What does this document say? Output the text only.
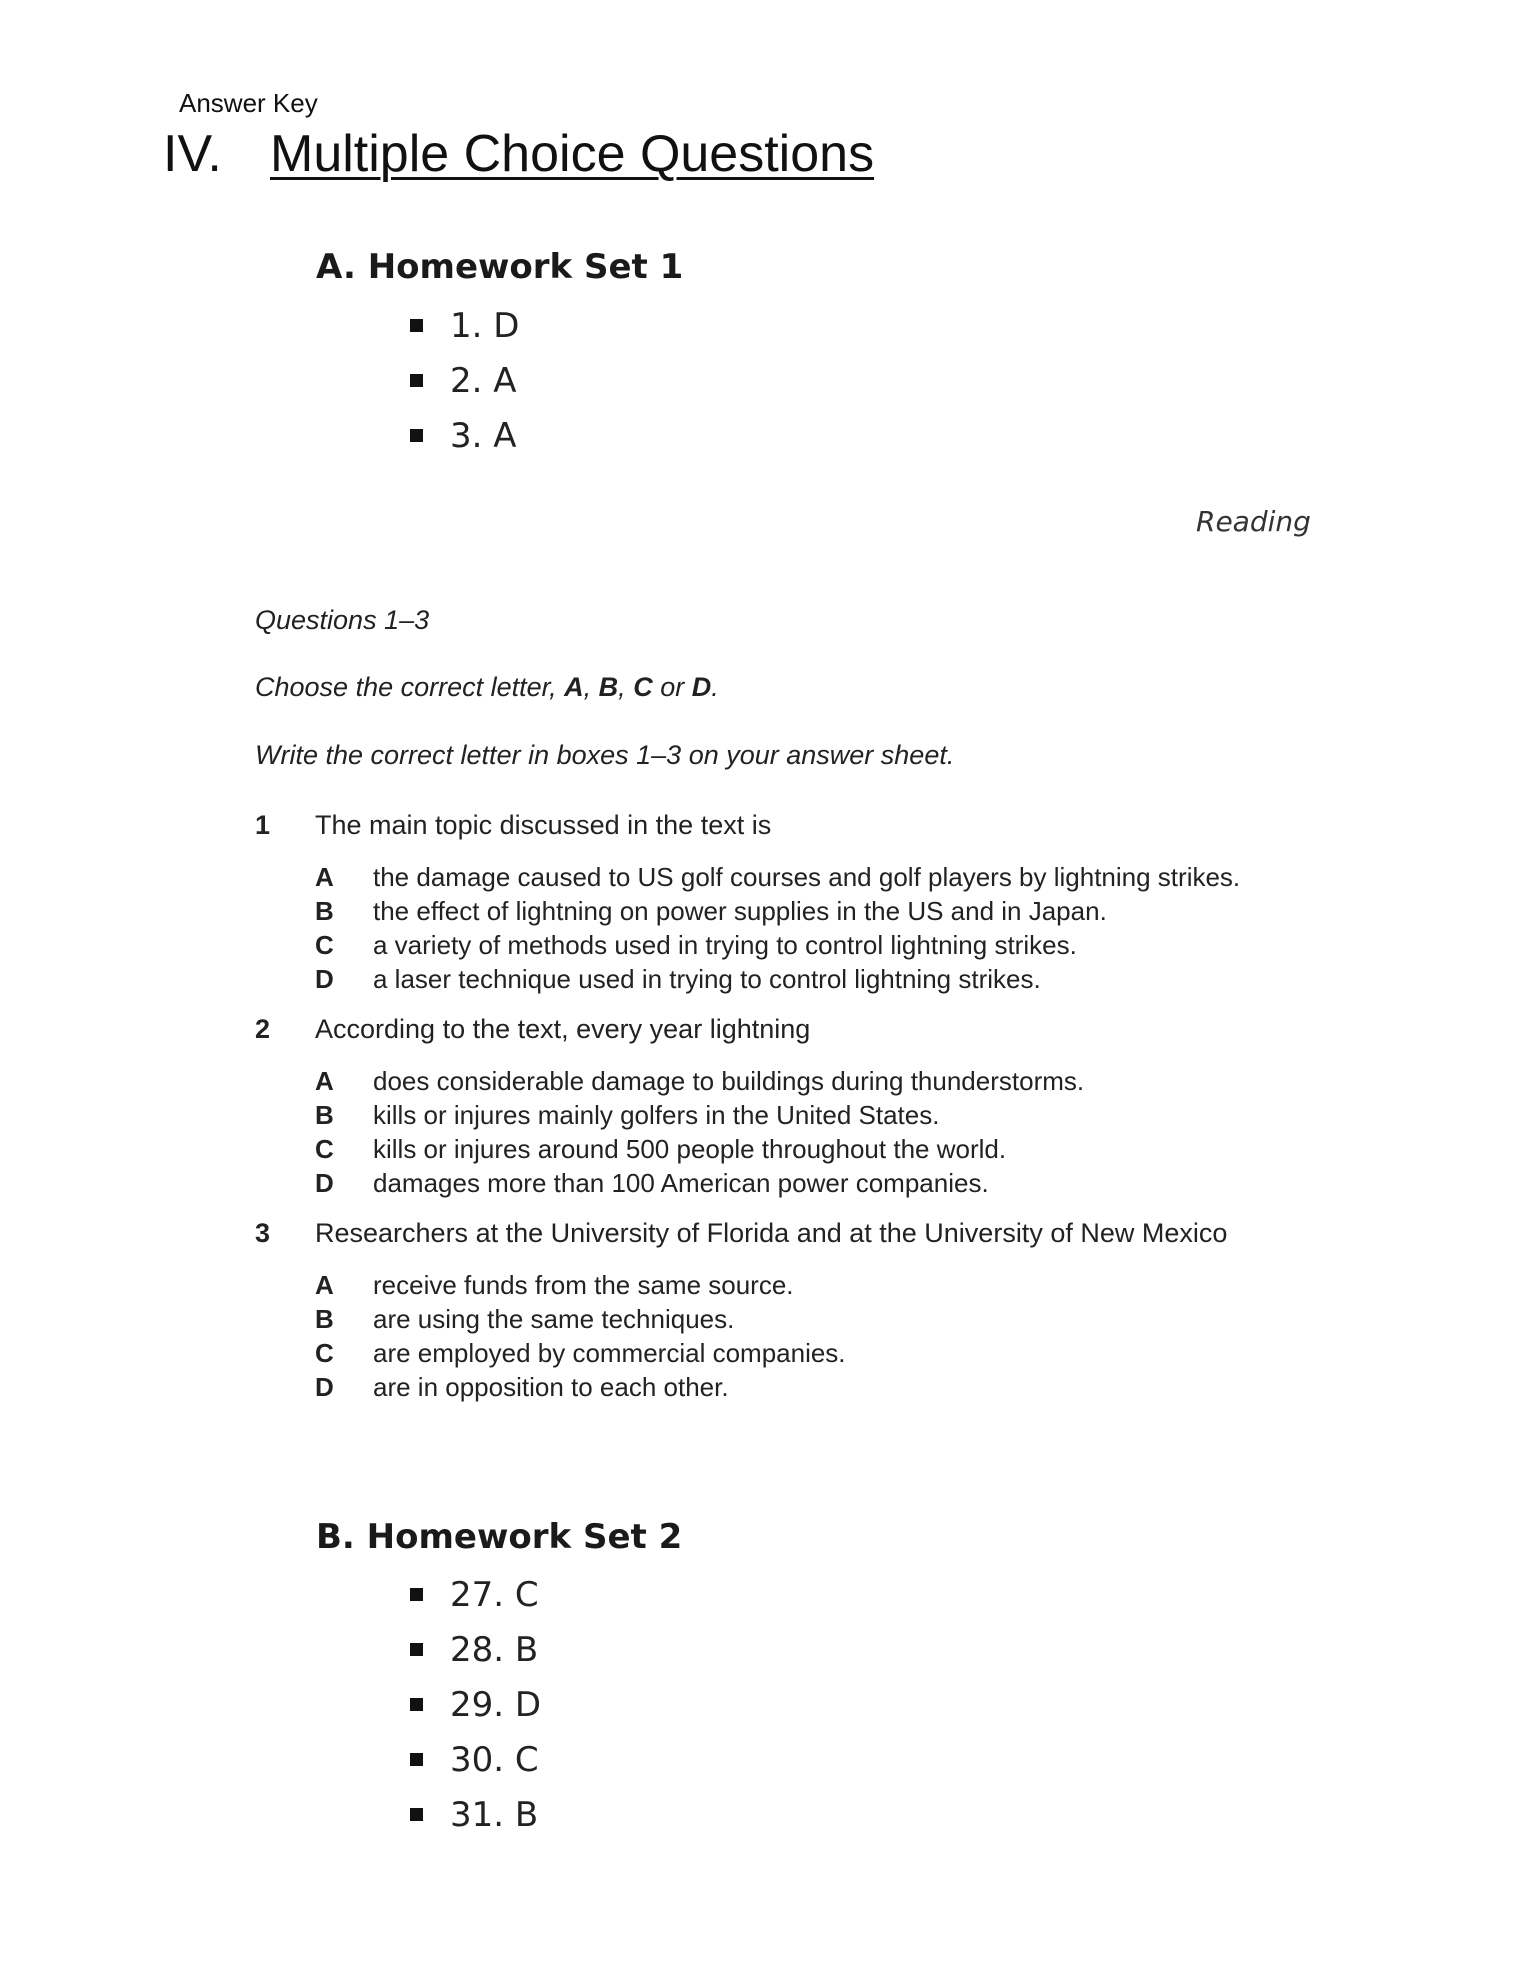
Answer Key
IV. Multiple Choice Questions
A. Homework Set 1
1. D
2. A
3. A
Reading
Questions 1–3
Choose the correct letter, A, B, C or D.
Write the correct letter in boxes 1–3 on your answer sheet.
1 The main topic discussed in the text is
A the damage caused to US golf courses and golf players by lightning strikes.
B the effect of lightning on power supplies in the US and in Japan.
C a variety of methods used in trying to control lightning strikes.
D a laser technique used in trying to control lightning strikes.
2 According to the text, every year lightning
A does considerable damage to buildings during thunderstorms.
B kills or injures mainly golfers in the United States.
C kills or injures around 500 people throughout the world.
D damages more than 100 American power companies.
3 Researchers at the University of Florida and at the University of New Mexico
A receive funds from the same source.
B are using the same techniques.
C are employed by commercial companies.
D are in opposition to each other.
B. Homework Set 2
27. C
28. B
29. D
30. C
31. B
